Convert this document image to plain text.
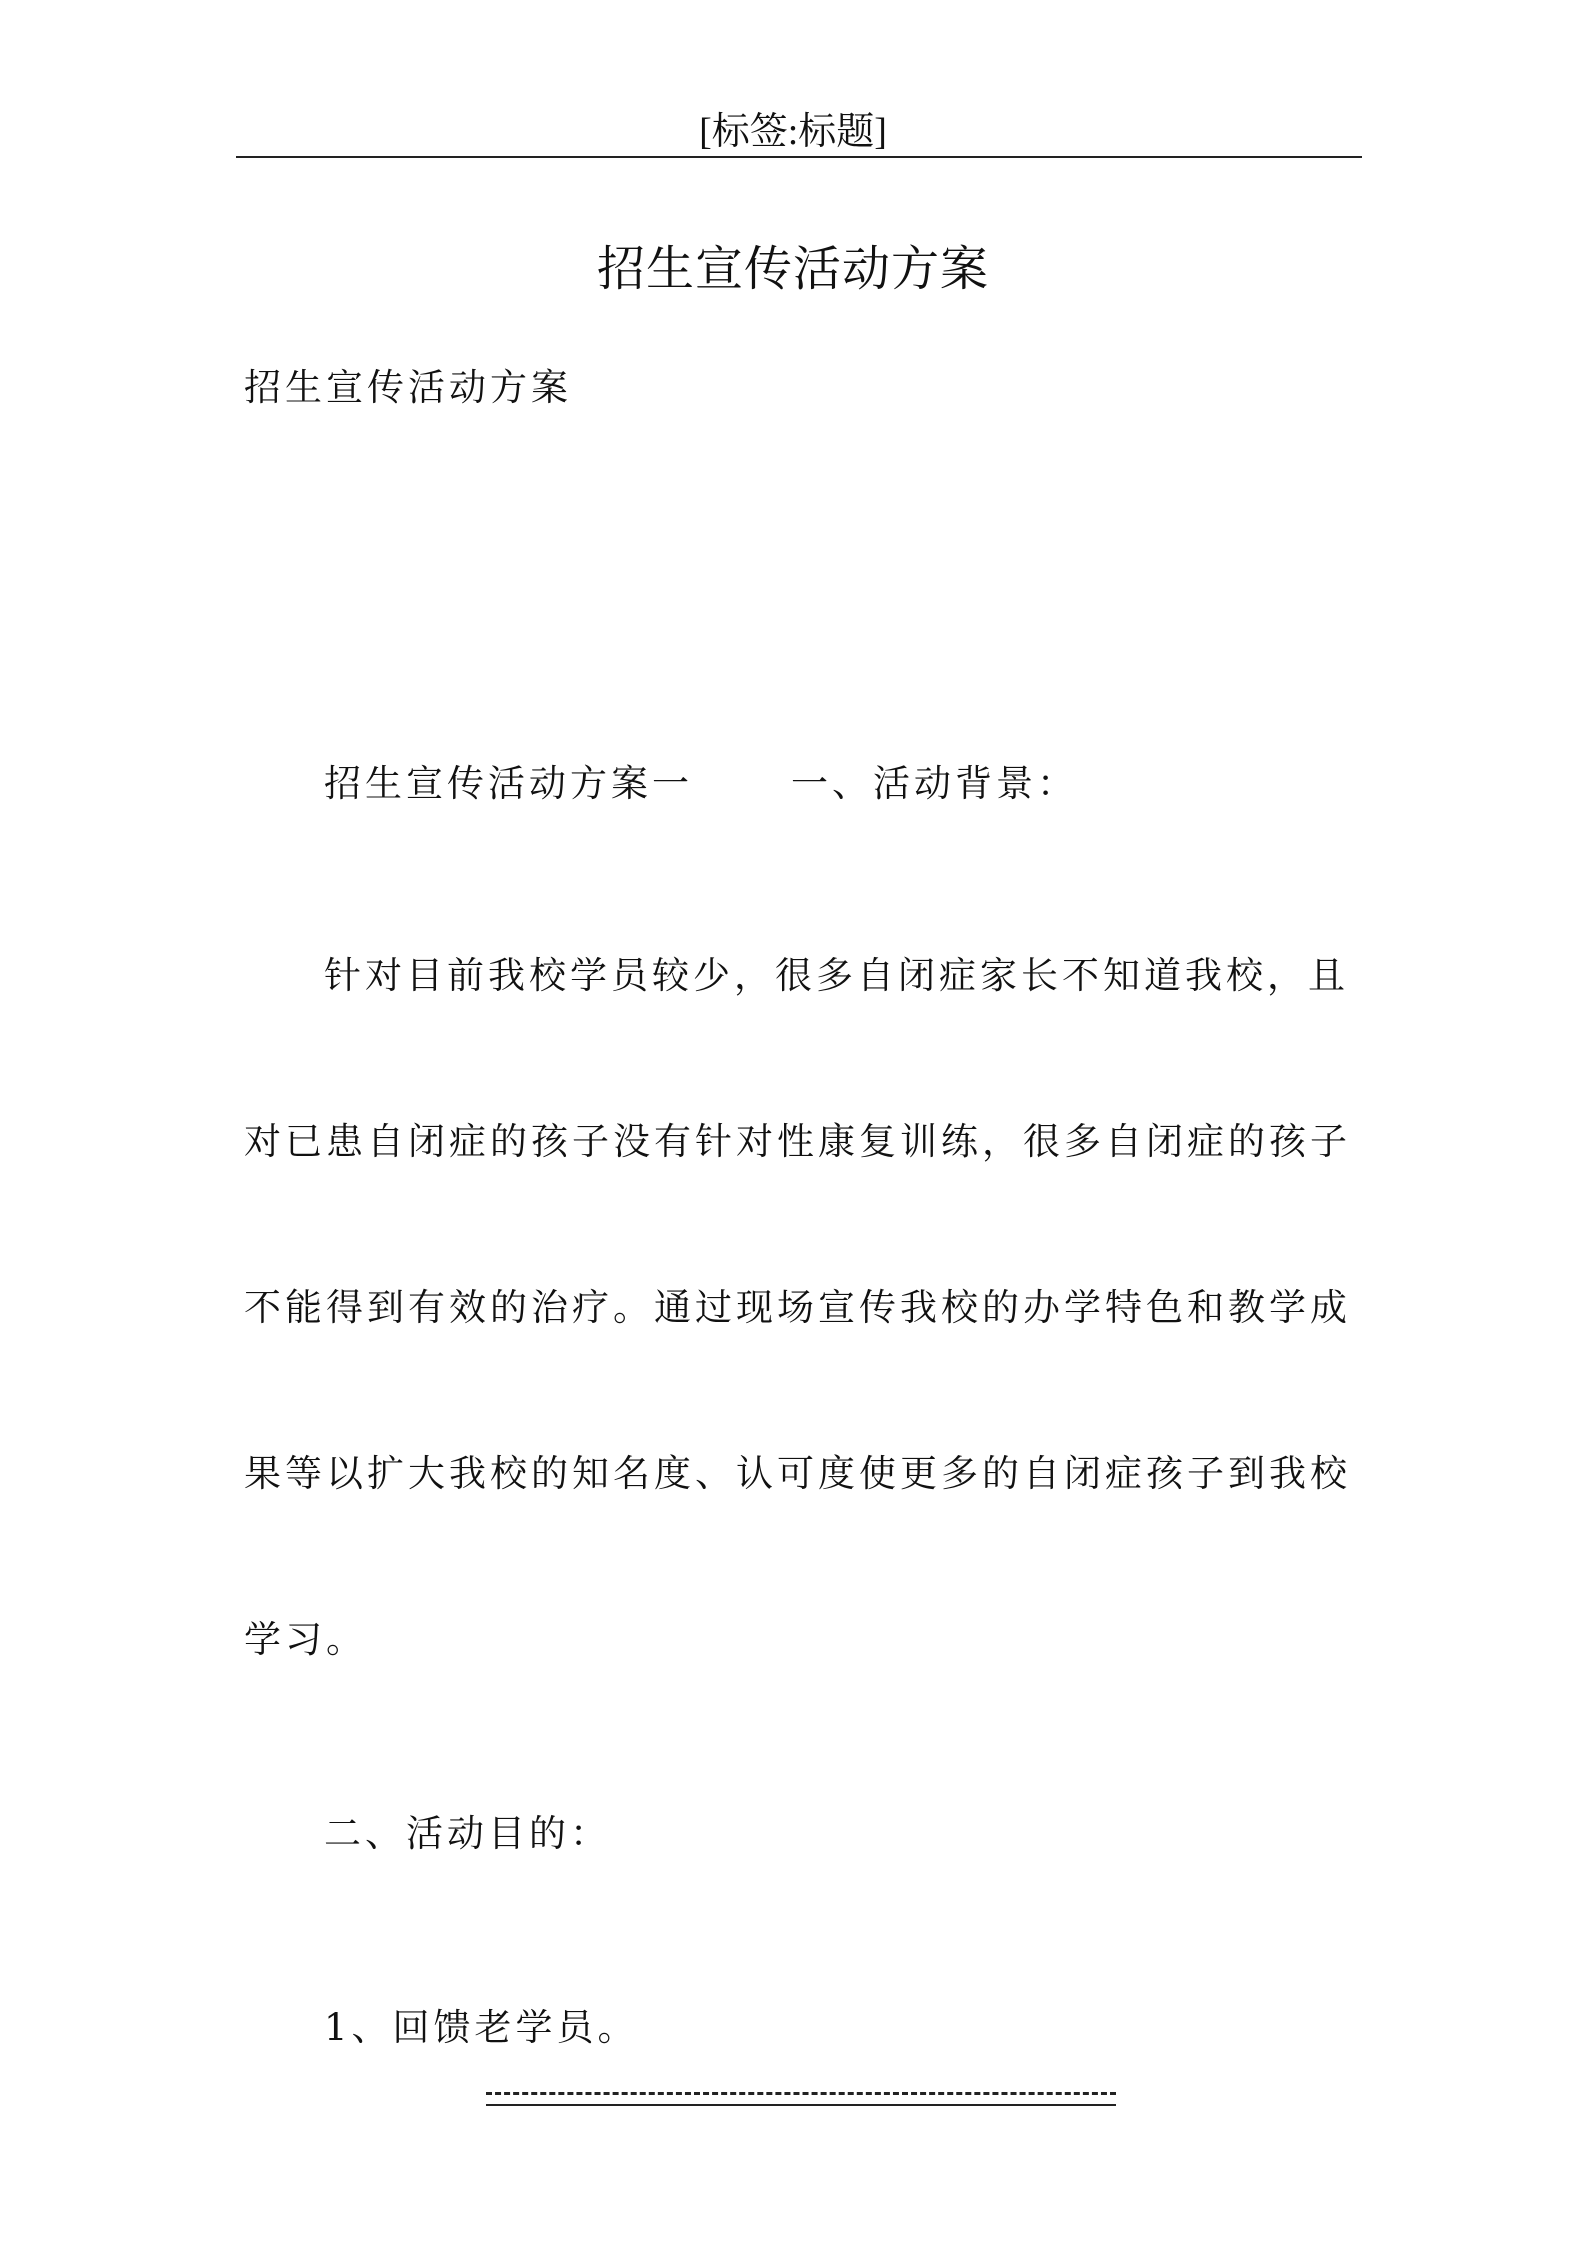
[标签:标题]
招生宣传活动方案
招生宣传活动方案
招生宣传活动方案一	一、活动背景：
针对目前我校学员较少，很多自闭症家长不知道我校，且
对已患自闭症的孩子没有针对性康复训练，很多自闭症的孩子
不能得到有效的治疗。通过现场宣传我校的办学特色和教学成
果等以扩大我校的知名度、认可度使更多的自闭症孩子到我校
学习。
二、活动目的：
1、回馈老学员。
